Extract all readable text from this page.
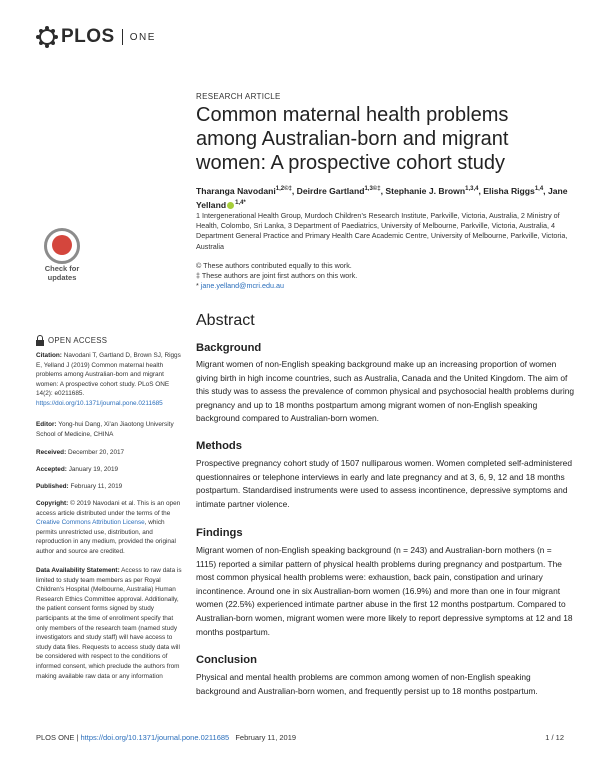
PLOS ONE
RESEARCH ARTICLE
Common maternal health problems among Australian-born and migrant women: A prospective cohort study
Tharanga Navodani$^{1,2©\ddagger}$, Deirdre Gartland$^{1,3©\ddagger}$, Stephanie J. Brown$^{1,3,4}$, Elisha Riggs$^{1,4}$, Jane Yelland $^{1,4*}$
1 Intergenerational Health Group, Murdoch Children’s Research Institute, Parkville, Victoria, Australia, 2 Ministry of Health, Colombo, Sri Lanka, 3 Department of Paediatrics, University of Melbourne, Parkville, Victoria, Australia, 4 Department General Practice and Primary Health Care Academic Centre, University of Melbourne, Parkville, Victoria, Australia
© These authors contributed equally to this work.
‡ These authors are joint first authors on this work.
* jane.yelland@mcri.edu.au
Check for
updates
OPEN ACCESS
Citation: Navodani T, Gartland D, Brown SJ, Riggs E, Yelland J (2019) Common maternal health problems among Australian-born and migrant women: A prospective cohort study. PLoS ONE 14(2): e0211685. https://doi.org/10.1371/journal.pone.0211685
Editor: Yong-hui Dang, Xi'an Jiaotong University School of Medicine, CHINA
Received: December 20, 2017
Accepted: January 19, 2019
Published: February 11, 2019
Copyright: © 2019 Navodani et al. This is an open access article distributed under the terms of the Creative Commons Attribution License, which permits unrestricted use, distribution, and reproduction in any medium, provided the original author and source are credited.
Data Availability Statement: Access to raw data is limited to study team members as per Royal Children's Hospital (Melbourne, Australia) Human Research Ethics Committee approval. Additionally, the patient consent forms signed by study participants at the time of enrollment specify that only members of the research team (named study investigators and study staff) will have access to study data files. Requests to access study data will be considered with respect to the conditions of informed consent, which preclude the authors from making available raw data or any information
Abstract
Background
Migrant women of non-English speaking background make up an increasing proportion of women giving birth in high income countries, such as Australia, Canada and the United Kingdom. The aim of this study was to assess the prevalence of common physical and psychosocial health problems during pregnancy and up to 18 months postpartum among migrant women of non-English speaking background compared to Australian-born women.
Methods
Prospective pregnancy cohort study of 1507 nulliparous women. Women completed self-administered questionnaires or telephone interviews in early and late pregnancy and at 3, 6, 9, 12 and 18 months postpartum. Standardised instruments were used to assess incontinence, depressive symptoms and intimate partner violence.
Findings
Migrant women of non-English speaking background (n = 243) and Australian-born mothers (n = 1115) reported a similar pattern of physical health problems during pregnancy and postpartum. The most common physical health problems were: exhaustion, back pain, constipation and urinary incontinence. Around one in six Australian-born women (16.9%) and more than one in four migrant women (22.5%) experienced intimate partner abuse in the first 12 months postpartum. Compared to Australian-born women, migrant women were more likely to report depressive symptoms at 12 and 18 months postpartum.
Conclusion
Physical and mental health problems are common among women of non-English speaking background and Australian-born women, and frequently persist up to 18 months postpartum.
PLOS ONE | https://doi.org/10.1371/journal.pone.0211685 February 11, 2019	1 / 12
